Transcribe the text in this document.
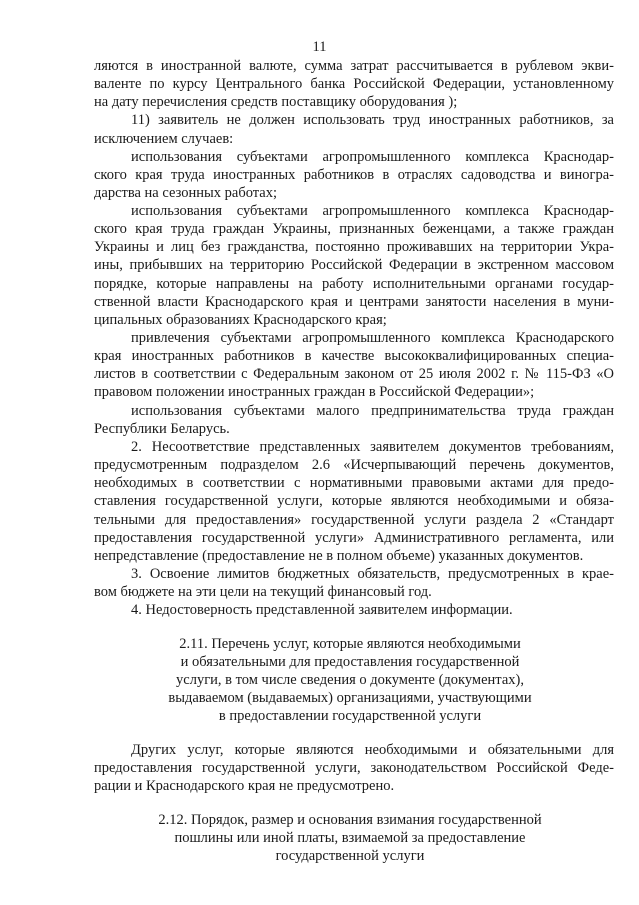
11
ляются в иностранной валюте, сумма затрат рассчитывается в рублевом экви-
валенте по курсу Центрального банка Российской Федерации, установленному
на дату перечисления средств поставщику оборудования );
11) заявитель не должен использовать труд иностранных работников, за
исключением случаев:
использования субъектами агропромышленного комплекса Краснодар-
ского края труда иностранных работников в отраслях садоводства и виногра-
дарства на сезонных работах;
использования субъектами агропромышленного комплекса Краснодар-
ского края труда граждан Украины, признанных беженцами, а также граждан
Украины и лиц без гражданства, постоянно проживавших на территории Укра-
ины, прибывших на территорию Российской Федерации в экстренном массовом
порядке, которые направлены на работу исполнительными органами государ-
ственной власти Краснодарского края и центрами занятости населения в муни-
ципальных образованиях Краснодарского края;
привлечения субъектами агропромышленного комплекса Краснодарского
края иностранных работников в качестве высококвалифицированных специа-
листов в соответствии с Федеральным законом от 25 июля 2002 г. № 115-ФЗ «О
правовом положении иностранных граждан в Российской Федерации»;
использования субъектами малого предпринимательства труда граждан
Республики Беларусь.
2. Несоответствие представленных заявителем документов требованиям,
предусмотренным подразделом 2.6 «Исчерпывающий перечень документов,
необходимых в соответствии с нормативными правовыми актами для предо-
ставления государственной услуги, которые являются необходимыми и обяза-
тельными для предоставления» государственной услуги раздела 2 «Стандарт
предоставления государственной услуги» Административного регламента, или
непредставление (предоставление не в полном объеме) указанных документов.
3. Освоение лимитов бюджетных обязательств, предусмотренных в крае-
вом бюджете на эти цели на текущий финансовый год.
4. Недостоверность представленной заявителем информации.
2.11. Перечень услуг, которые являются необходимыми
и обязательными для предоставления государственной
услуги, в том числе сведения о документе (документах),
выдаваемом (выдаваемых) организациями, участвующими
в предоставлении государственной услуги
Других услуг, которые являются необходимыми и обязательными для
предоставления государственной услуги, законодательством Российской Феде-
рации и Краснодарского края не предусмотрено.
2.12. Порядок, размер и основания взимания государственной
пошлины или иной платы, взимаемой за предоставление
государственной услуги
